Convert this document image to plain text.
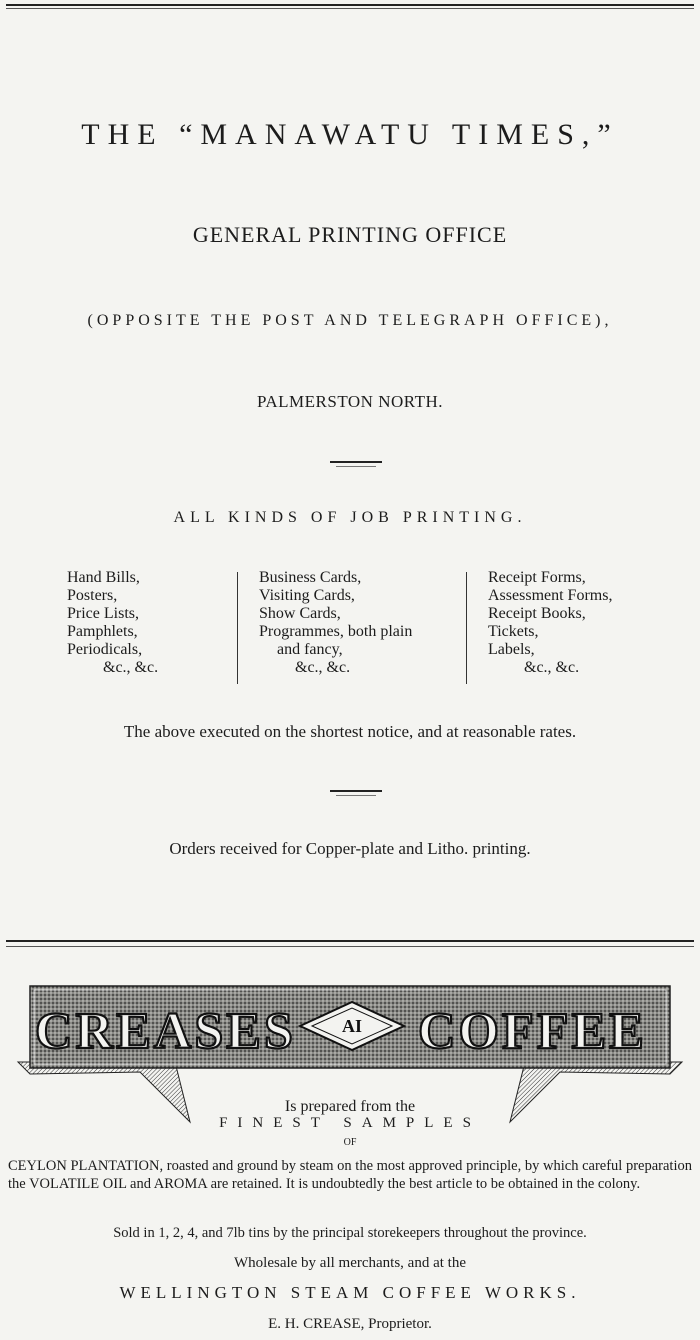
THE “MANAWATU TIMES,”
GENERAL PRINTING OFFICE
(OPPOSITE THE POST AND TELEGRAPH OFFICE),
PALMERSTON NORTH.
ALL KINDS OF JOB PRINTING.
Hand Bills,
Posters,
Price Lists,
Pamphlets,
Periodicals,
&c., &c.
Business Cards,
Visiting Cards,
Show Cards,
Programmes, both plain
and fancy,
&c., &c.
Receipt Forms,
Assessment Forms,
Receipt Books,
Tickets,
Labels,
&c., &c.
The above executed on the shortest notice, and at reasonable rates.
Orders received for Copper-plate and Litho. printing.
CREASES COFFEE
AI
Is prepared from the
FINEST SAMPLES
OF
CEYLON PLANTATION, roasted and ground by steam on the most approved principle, by which careful preparation the VOLATILE OIL and AROMA are retained. It is undoubtedly the best article to be obtained in the colony.
Sold in 1, 2, 4, and 7lb tins by the principal storekeepers throughout the province.
Wholesale by all merchants, and at the
WELLINGTON STEAM COFFEE WORKS.
E. H. CREASE, Proprietor.
